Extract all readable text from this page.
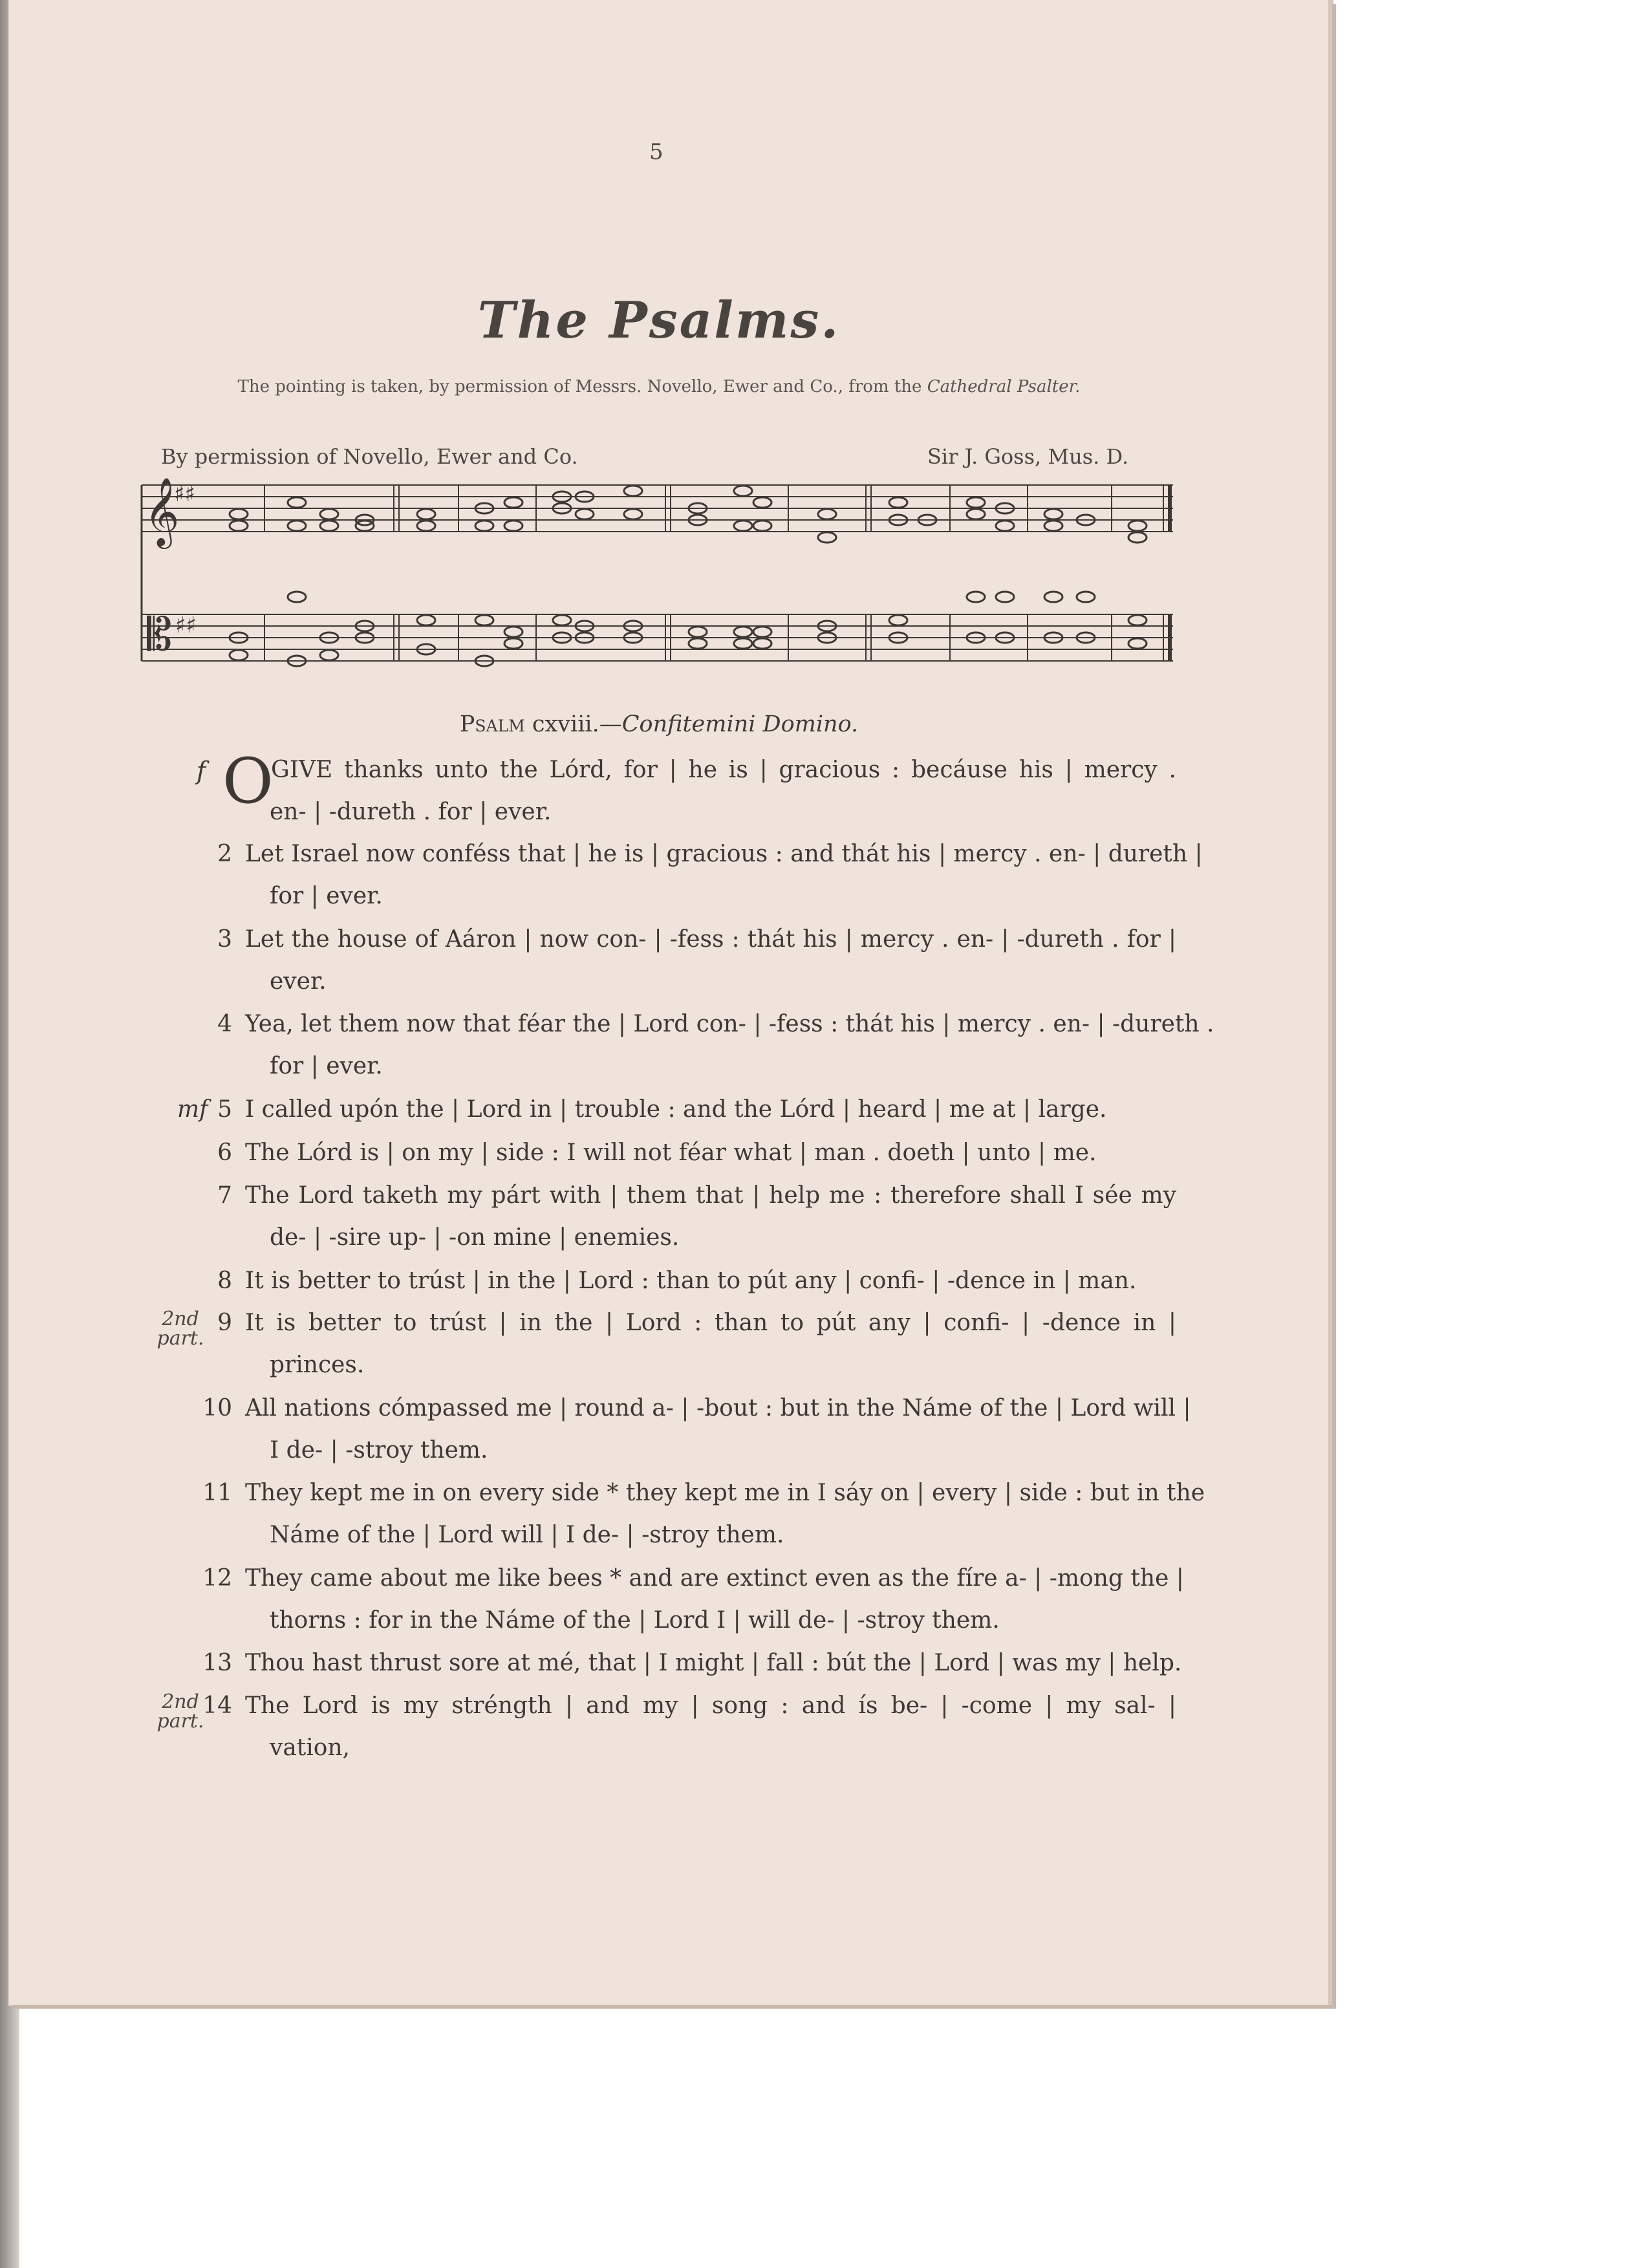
5
The Psalms.
The pointing is taken, by permission of Messrs. Novello, Ewer and Co., from the Cathedral Psalter.
By permission of Novello, Ewer and Co.	Sir J. Goss, Mus. D.
𝄞
♯♯
𝄡 ♯♯
Psalm cxviii.—Confitemini Domino.
f O
GIVE thanks unto the Lórd, for | he is | gracious : becáuse his | mercy .
en- | -dureth . for | ever.
2 Let Israel now conféss that | he is | gracious : and thát his | mercy . en- | dureth |
for | ever.
3 Let the house of Aáron | now con- | -fess : thát his | mercy . en- | -dureth . for |
ever.
4 Yea, let them now that féar the | Lord con- | -fess : thát his | mercy . en- | -dureth .
for | ever.
mf 5 I called upón the | Lord in | trouble : and the Lórd | heard | me at | large.
6 The Lórd is | on my | side : I will not féar what | man . doeth | unto | me.
7 The Lord taketh my párt with | them that | help me : therefore shall I sée my
de- | -sire up- | -on mine | enemies.
8 It is better to trúst | in the | Lord : than to pút any | confi- | -dence in | man.
2nd part.
9 It is better to trúst | in the | Lord : than to pút any | confi- | -dence in |
princes.
10 All nations cómpassed me | round a- | -bout : but in the Náme of the | Lord will |
I de- | -stroy them.
11 They kept me in on every side * they kept me in I sáy on | every | side : but in the
Náme of the | Lord will | I de- | -stroy them.
12 They came about me like bees * and are extinct even as the fíre a- | -mong the |
thorns : for in the Náme of the | Lord I | will de- | -stroy them.
13 Thou hast thrust sore at mé, that | I might | fall : bút the | Lord | was my | help.
2nd part.
14 The Lord is my stréngth | and my | song : and ís be- | -come | my sal- |
vation,
